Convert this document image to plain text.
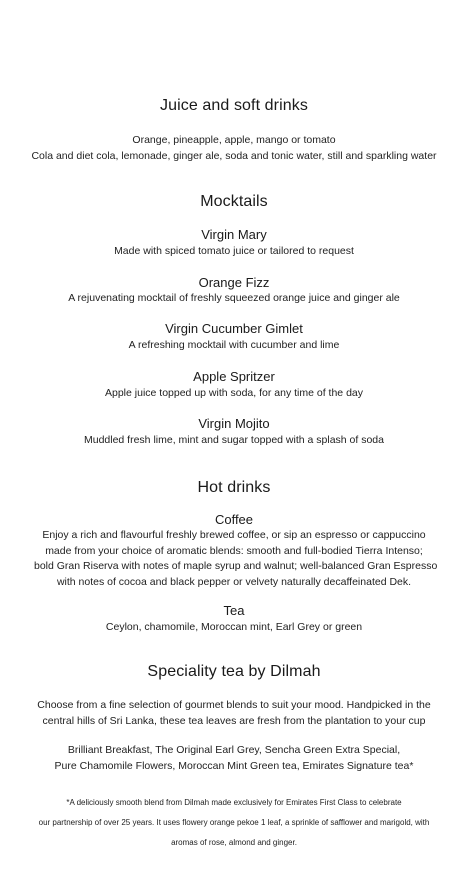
Juice and soft drinks
Orange, pineapple, apple, mango or tomato
Cola and diet cola, lemonade, ginger ale, soda and tonic water, still and sparkling water
Mocktails
Virgin Mary
Made with spiced tomato juice or tailored to request
Orange Fizz
A rejuvenating mocktail of freshly squeezed orange juice and ginger ale
Virgin Cucumber Gimlet
A refreshing mocktail with cucumber and lime
Apple Spritzer
Apple juice topped up with soda, for any time of the day
Virgin Mojito
Muddled fresh lime, mint and sugar topped with a splash of soda
Hot drinks
Coffee
Enjoy a rich and flavourful freshly brewed coffee, or sip an espresso or cappuccino
made from your choice of aromatic blends: smooth and full-bodied Tierra Intenso;
bold Gran Riserva with notes of maple syrup and walnut; well-balanced Gran Espresso
with notes of cocoa and black pepper or velvety naturally decaffeinated Dek.
Tea
Ceylon, chamomile, Moroccan mint, Earl Grey or green
Speciality tea by Dilmah
Choose from a fine selection of gourmet blends to suit your mood. Handpicked in the
central hills of Sri Lanka, these tea leaves are fresh from the plantation to your cup
Brilliant Breakfast, The Original Earl Grey, Sencha Green Extra Special,
Pure Chamomile Flowers, Moroccan Mint Green tea, Emirates Signature tea*
*A deliciously smooth blend from Dilmah made exclusively for Emirates First Class to celebrate
our partnership of over 25 years. It uses flowery orange pekoe 1 leaf, a sprinkle of safflower and marigold, with
aromas of rose, almond and ginger.
